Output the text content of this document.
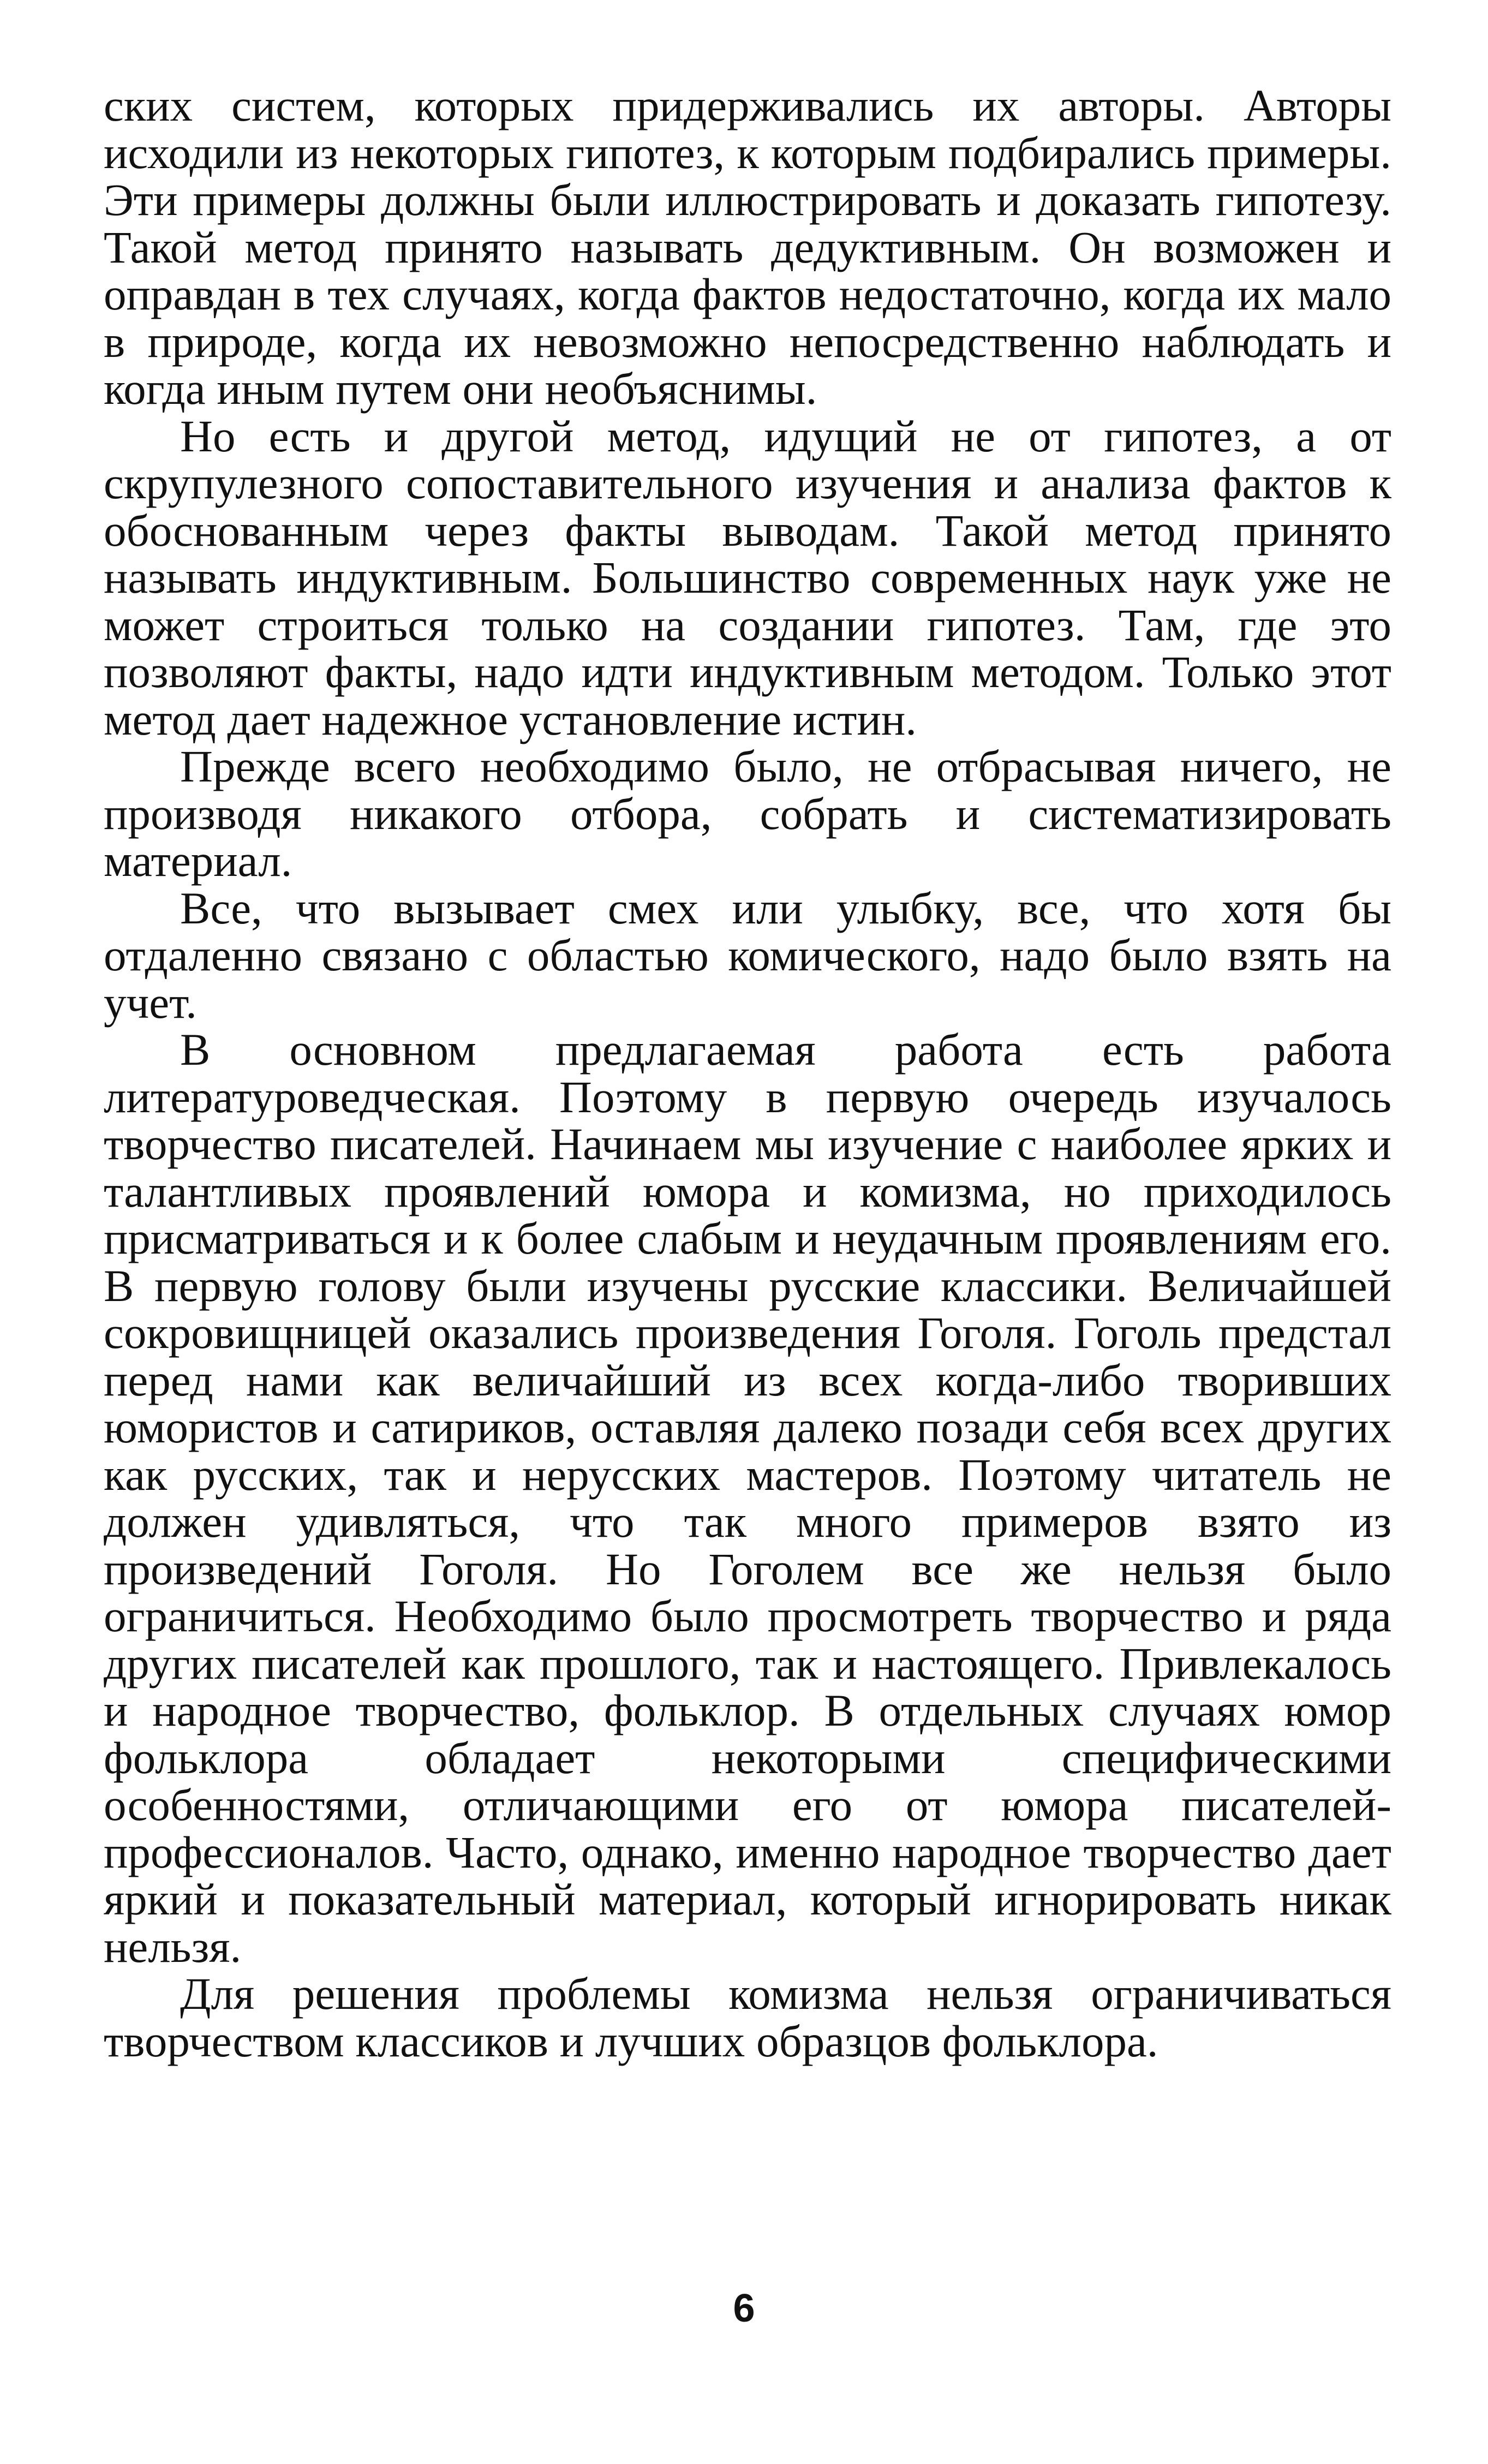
ских систем, которых придерживались их авторы. Авторы исходили из некоторых гипотез, к которым подбирались примеры. Эти примеры должны были иллюстрировать и доказать гипотезу. Такой метод принято называть дедуктивным. Он возможен и оправдан в тех случаях, когда фактов недостаточно, когда их мало в природе, когда их невозможно непосредственно наблюдать и когда иным путем они необъяснимы.

Но есть и другой метод, идущий не от гипотез, а от скрупулезного сопоставительного изучения и анализа фактов к обоснованным через факты выводам. Такой метод принято называть индуктивным. Большинство современных наук уже не может строиться только на создании гипотез. Там, где это позволяют факты, надо идти индуктивным методом. Только этот метод дает надежное установление истин.

Прежде всего необходимо было, не отбрасывая ничего, не производя никакого отбора, собрать и систематизировать материал.

Все, что вызывает смех или улыбку, все, что хотя бы отдаленно связано с областью комического, надо было взять на учет.

В основном предлагаемая работа есть работа литературоведческая. Поэтому в первую очередь изучалось творчество писателей. Начинаем мы изучение с наиболее ярких и талантливых проявлений юмора и комизма, но приходилось присматриваться и к более слабым и неудачным проявлениям его. В первую голову были изучены русские классики. Величайшей сокровищницей оказались произведения Гоголя. Гоголь предстал перед нами как величайший из всех когда-либо творивших юмористов и сатириков, оставляя далеко позади себя всех других как русских, так и нерусских мастеров. Поэтому читатель не должен удивляться, что так много примеров взято из произведений Гоголя. Но Гоголем все же нельзя было ограничиться. Необходимо было просмотреть творчество и ряда других писателей как прошлого, так и настоящего. Привлекалось и народное творчество, фольклор. В отдельных случаях юмор фольклора обладает некоторыми специфическими особенностями, отличающими его от юмора писателей-профессионалов. Часто, однако, именно народное творчество дает яркий и показательный материал, который игнорировать никак нельзя.

Для решения проблемы комизма нельзя ограничиваться творчеством классиков и лучших образцов фольклора.

6
